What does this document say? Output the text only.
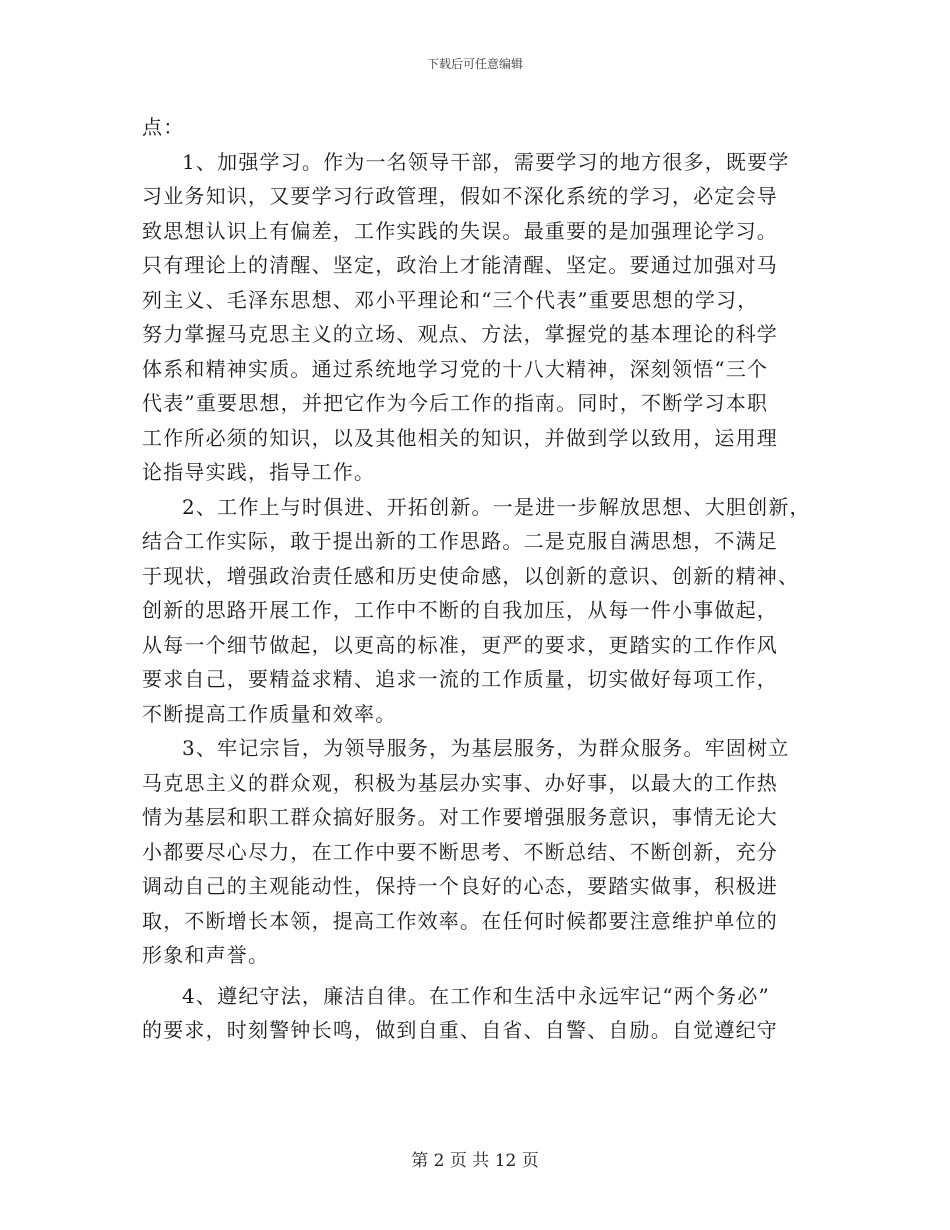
下载后可任意编辑
点：
1、加强学习。作为一名领导干部，需要学习的地方很多，既要学
习业务知识，又要学习行政管理，假如不深化系统的学习，必定会导
致思想认识上有偏差，工作实践的失误。最重要的是加强理论学习。
只有理论上的清醒、坚定，政治上才能清醒、坚定。要通过加强对马
列主义、毛泽东思想、邓小平理论和“三个代表”重要思想的学习，
努力掌握马克思主义的立场、观点、方法，掌握党的基本理论的科学
体系和精神实质。通过系统地学习党的十八大精神，深刻领悟“三个
代表”重要思想，并把它作为今后工作的指南。同时，不断学习本职
工作所必须的知识，以及其他相关的知识，并做到学以致用，运用理
论指导实践，指导工作。
2、工作上与时俱进、开拓创新。一是进一步解放思想、大胆创新，
结合工作实际，敢于提出新的工作思路。二是克服自满思想，不满足
于现状，增强政治责任感和历史使命感，以创新的意识、创新的精神、
创新的思路开展工作，工作中不断的自我加压，从每一件小事做起，
从每一个细节做起，以更高的标准，更严的要求，更踏实的工作作风
要求自己，要精益求精、追求一流的工作质量，切实做好每项工作，
不断提高工作质量和效率。
3、牢记宗旨，为领导服务，为基层服务，为群众服务。牢固树立
马克思主义的群众观，积极为基层办实事、办好事，以最大的工作热
情为基层和职工群众搞好服务。对工作要增强服务意识，事情无论大
小都要尽心尽力，在工作中要不断思考、不断总结、不断创新，充分
调动自己的主观能动性，保持一个良好的心态，要踏实做事，积极进
取，不断增长本领，提高工作效率。在任何时候都要注意维护单位的
形象和声誉。
4、遵纪守法，廉洁自律。在工作和生活中永远牢记“两个务必”
的要求，时刻警钟长鸣，做到自重、自省、自警、自励。自觉遵纪守
第 2 页 共 12 页
